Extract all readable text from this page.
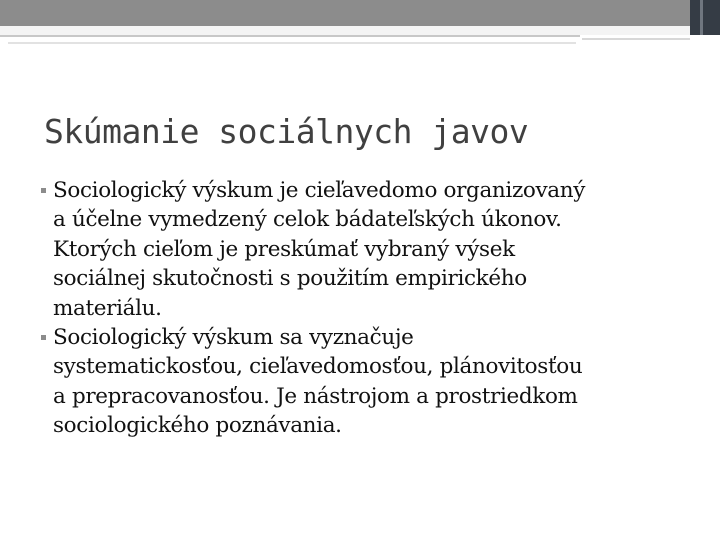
Skúmanie sociálnych javov
Sociologický výskum je cieľavedomo organizovaný
a účelne vymedzený celok bádateľských úkonov.
Ktorých cieľom je preskúmať vybraný výsek
sociálnej skutočnosti s použitím empirického
materiálu.
Sociologický výskum sa vyznačuje
systematickosťou, cieľavedomosťou, plánovitosťou
a prepracovanosťou. Je nástrojom a prostriedkom
sociologického poznávania.
